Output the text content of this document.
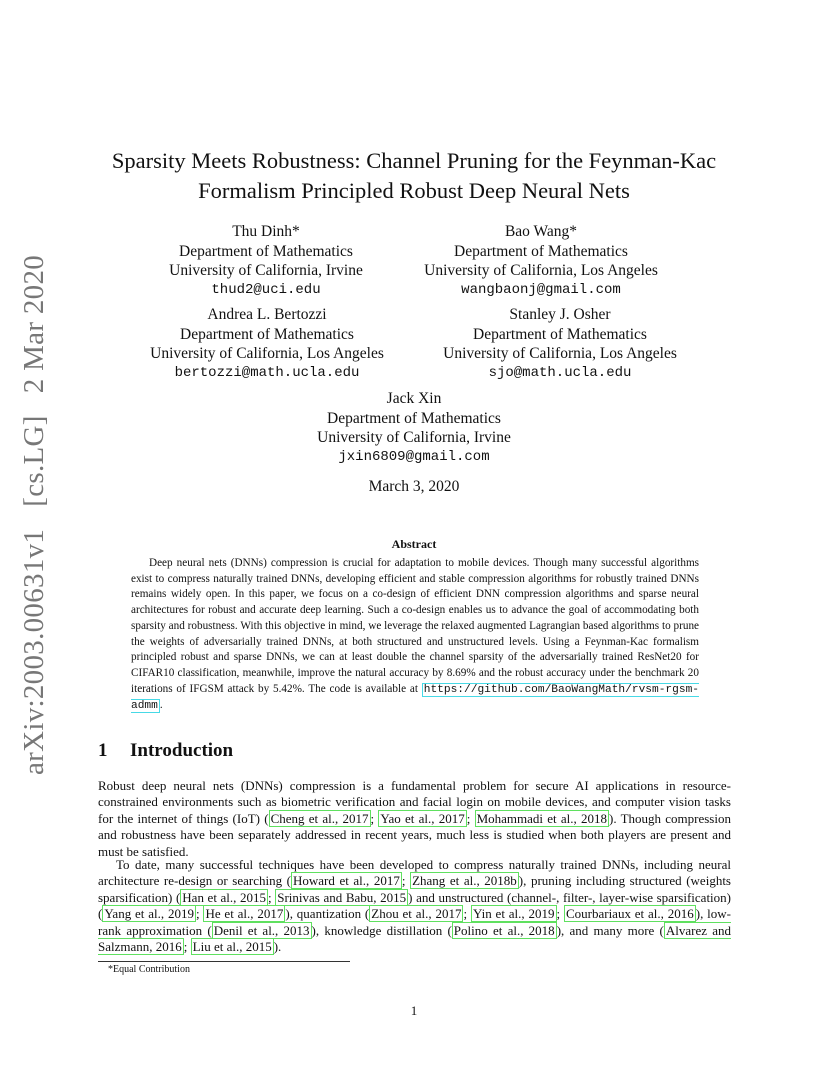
arXiv:2003.00631v1
[cs.LG]
2 Mar 2020
Sparsity Meets Robustness: Channel Pruning for the Feynman-Kac
Formalism Principled Robust Deep Neural Nets
Thu Dinh*
Department of Mathematics
University of California, Irvine
thud2@uci.edu
Bao Wang*
Department of Mathematics
University of California, Los Angeles
wangbaonj@gmail.com
Andrea L. Bertozzi
Department of Mathematics
University of California, Los Angeles
bertozzi@math.ucla.edu
Stanley J. Osher
Department of Mathematics
University of California, Los Angeles
sjo@math.ucla.edu
Jack Xin
Department of Mathematics
University of California, Irvine
jxin6809@gmail.com
March 3, 2020
Abstract
Deep neural nets (DNNs) compression is crucial for adaptation to mobile devices. Though many successful algorithms exist to compress naturally trained DNNs, developing efficient and stable compression algorithms for robustly trained DNNs remains widely open. In this paper, we focus on a co-design of efficient DNN compression algorithms and sparse neural architectures for robust and accurate deep learning. Such a co-design enables us to advance the goal of accommodating both sparsity and robustness. With this objective in mind, we leverage the relaxed augmented Lagrangian based algorithms to prune the weights of adversarially trained DNNs, at both structured and unstructured levels. Using a Feynman-Kac formalism principled robust and sparse DNNs, we can at least double the channel sparsity of the adversarially trained ResNet20 for CIFAR10 classification, meanwhile, improve the natural accuracy by 8.69% and the robust accuracy under the benchmark 20 iterations of IFGSM attack by 5.42%. The code is available at https://github.com/BaoWangMath/rvsm-rgsm-admm .
1 Introduction
Robust deep neural nets (DNNs) compression is a fundamental problem for secure AI applications in resource-constrained environments such as biometric verification and facial login on mobile devices, and computer vision tasks for the internet of things (IoT) ( Cheng et al., 2017 ; Yao et al., 2017 ; Mohammadi et al., 2018 ). Though compression and robustness have been separately addressed in recent years, much less is studied when both players are present and must be satisfied.
To date, many successful techniques have been developed to compress naturally trained DNNs, including neural architecture re-design or searching ( Howard et al., 2017 ; Zhang et al., 2018b ), pruning including structured (weights sparsification) ( Han et al., 2015 ; Srinivas and Babu, 2015 ) and unstructured (channel-, filter-, layer-wise sparsification) ( Yang et al., 2019 ; He et al., 2017 ), quantization ( Zhou et al., 2017 ; Yin et al., 2019 ; Courbariaux et al., 2016 ), low-rank approximation ( Denil et al., 2013 ), knowledge distillation ( Polino et al., 2018 ), and many more ( Alvarez and Salzmann, 2016 ; Liu et al., 2015 ).
*Equal Contribution
1
